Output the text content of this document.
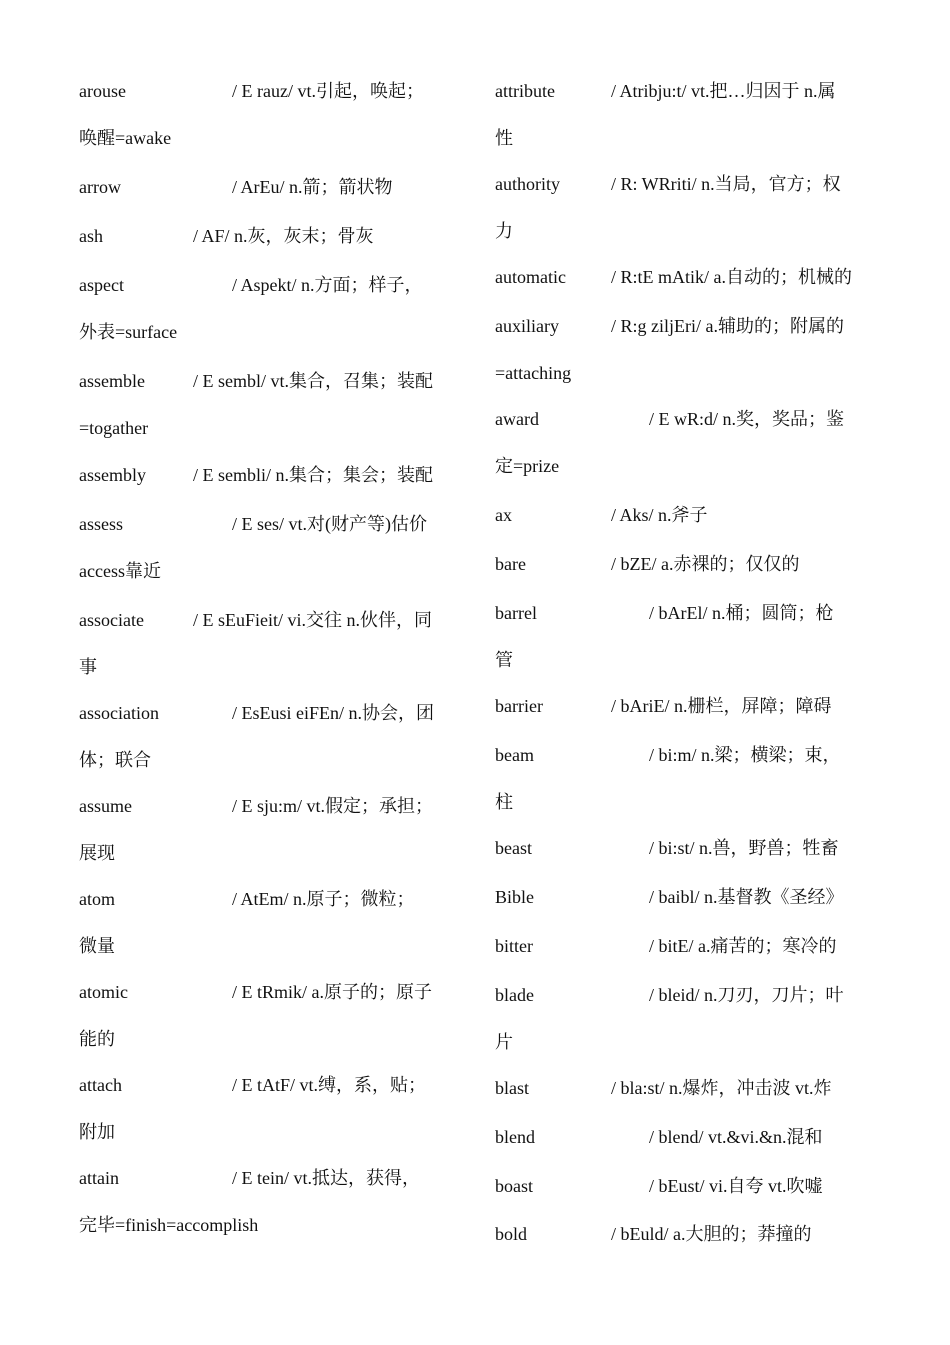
arouse	/ E rauz/ vt.引起，唤起；
唤醒=awake
arrow	/ ArEu/ n.箭；箭状物
ash	/ AF/ n.灰，灰末；骨灰
aspect	/ Aspekt/ n.方面；样子，
外表=surface
assemble	/ E sembl/ vt.集合，召集；装配
=togather
assembly	/ E sembli/ n.集合；集会；装配
assess	/ E ses/ vt.对(财产等)估价
access靠近
associate	/ E sEuFieit/ vi.交往 n.伙伴，同
事
association	/ EsEusi eiFEn/ n.协会，团
体；联合
assume	/ E sju:m/ vt.假定；承担；
展现
atom	/ AtEm/ n.原子；微粒；
微量
atomic	/ E tRmik/ a.原子的；原子
能的
attach	/ E tAtF/ vt.缚，系，贴；
附加
attain	/ E tein/ vt.抵达，获得，
完毕=finish=accomplish
attribute	/ Atribju:t/ vt.把…归因于 n.属
性
authority	/ R: WRriti/ n.当局，官方；权
力
automatic	/ R:tE mAtik/ a.自动的；机械的
auxiliary	/ R:g ziljEri/ a.辅助的；附属的
=attaching
award	/ E wR:d/ n.奖，奖品；鉴
定=prize
ax	/ Aks/ n.斧子
bare	/ bZE/ a.赤裸的；仅仅的
barrel	/ bArEl/ n.桶；圆筒；枪
管
barrier	/ bAriE/ n.栅栏，屏障；障碍
beam	/ bi:m/ n.梁；横梁；束，
柱
beast	/ bi:st/ n.兽，野兽；牲畜
Bible	/ baibl/ n.基督教《圣经》
bitter	/ bitE/ a.痛苦的；寒冷的
blade	/ bleid/ n.刀刃，刀片；叶
片
blast	/ bla:st/ n.爆炸，冲击波 vt.炸
blend	/ blend/ vt.&vi.&n.混和
boast	/ bEust/ vi.自夸 vt.吹嘘
bold	/ bEuld/ a.大胆的；莽撞的
